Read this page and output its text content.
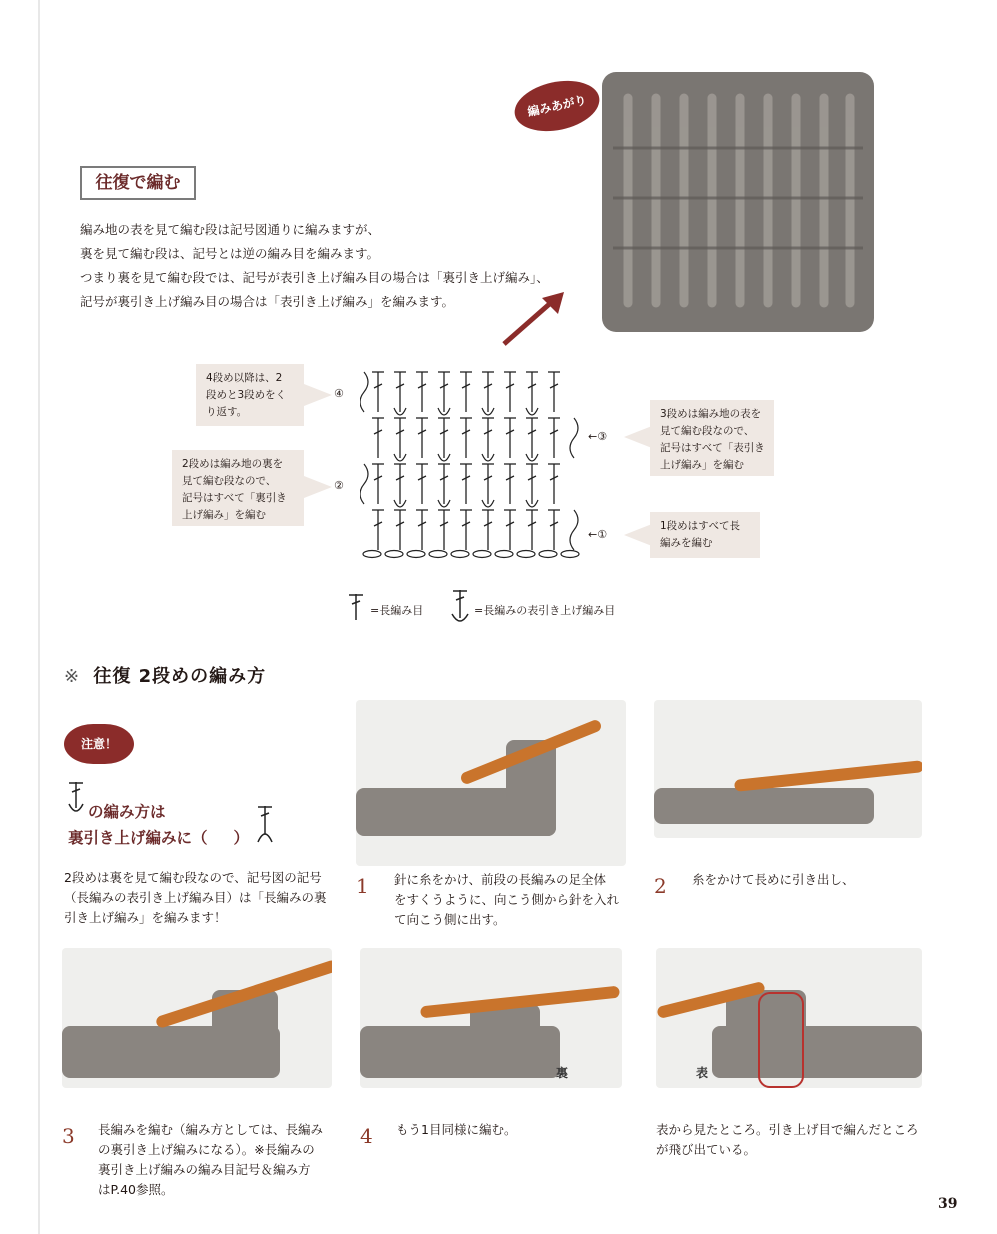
編みあがり
往復で編む

編み地の表を見て編む段は記号図通りに編みますが、

裏を見て編む段は、記号とは逆の編み目を編みます。

つまり裏を見て編む段では、記号が表引き上げ編み目の場合は「裏引き上げ編み」、

記号が裏引き上げ編み目の場合は「表引き上げ編み」を編みます。

4段め以降は、2

段めと3段めをく

り返す。

2段めは編み地の裏を

見て編む段なので、

記号はすべて「裏引き

上げ編み」を編む

3段めは編み地の表を

見て編む段なので、

記号はすべて「表引き

上げ編み」を編む

1段めはすべて長

編みを編む

④
←③
②
←①
=長編み目	=長編みの表引き上げ編み目
※ 往復 2段めの編み方
注意！
の編み方は
裏引き上げ編みに（ ）

2段めは裏を見て編む段なので、記号図の記号

（長編みの表引き上げ編み目）は「長編みの裏

引き上げ編み」を編みます！

裏	表
1 針に糸をかけ、前段の長編みの足全体

をすくうように、向こう側から針を入れ

て向こう側に出す。

2 糸をかけて長めに引き出し、

3 長編みを編む（編み方としては、長編み

の裏引き上げ編みになる）。※長編みの

裏引き上げ編みの編み目記号＆編み方

はP.40参照。

4 もう1目同様に編む。	表から見たところ。引き上げ目で編んだところ

が飛び出ている。

39
